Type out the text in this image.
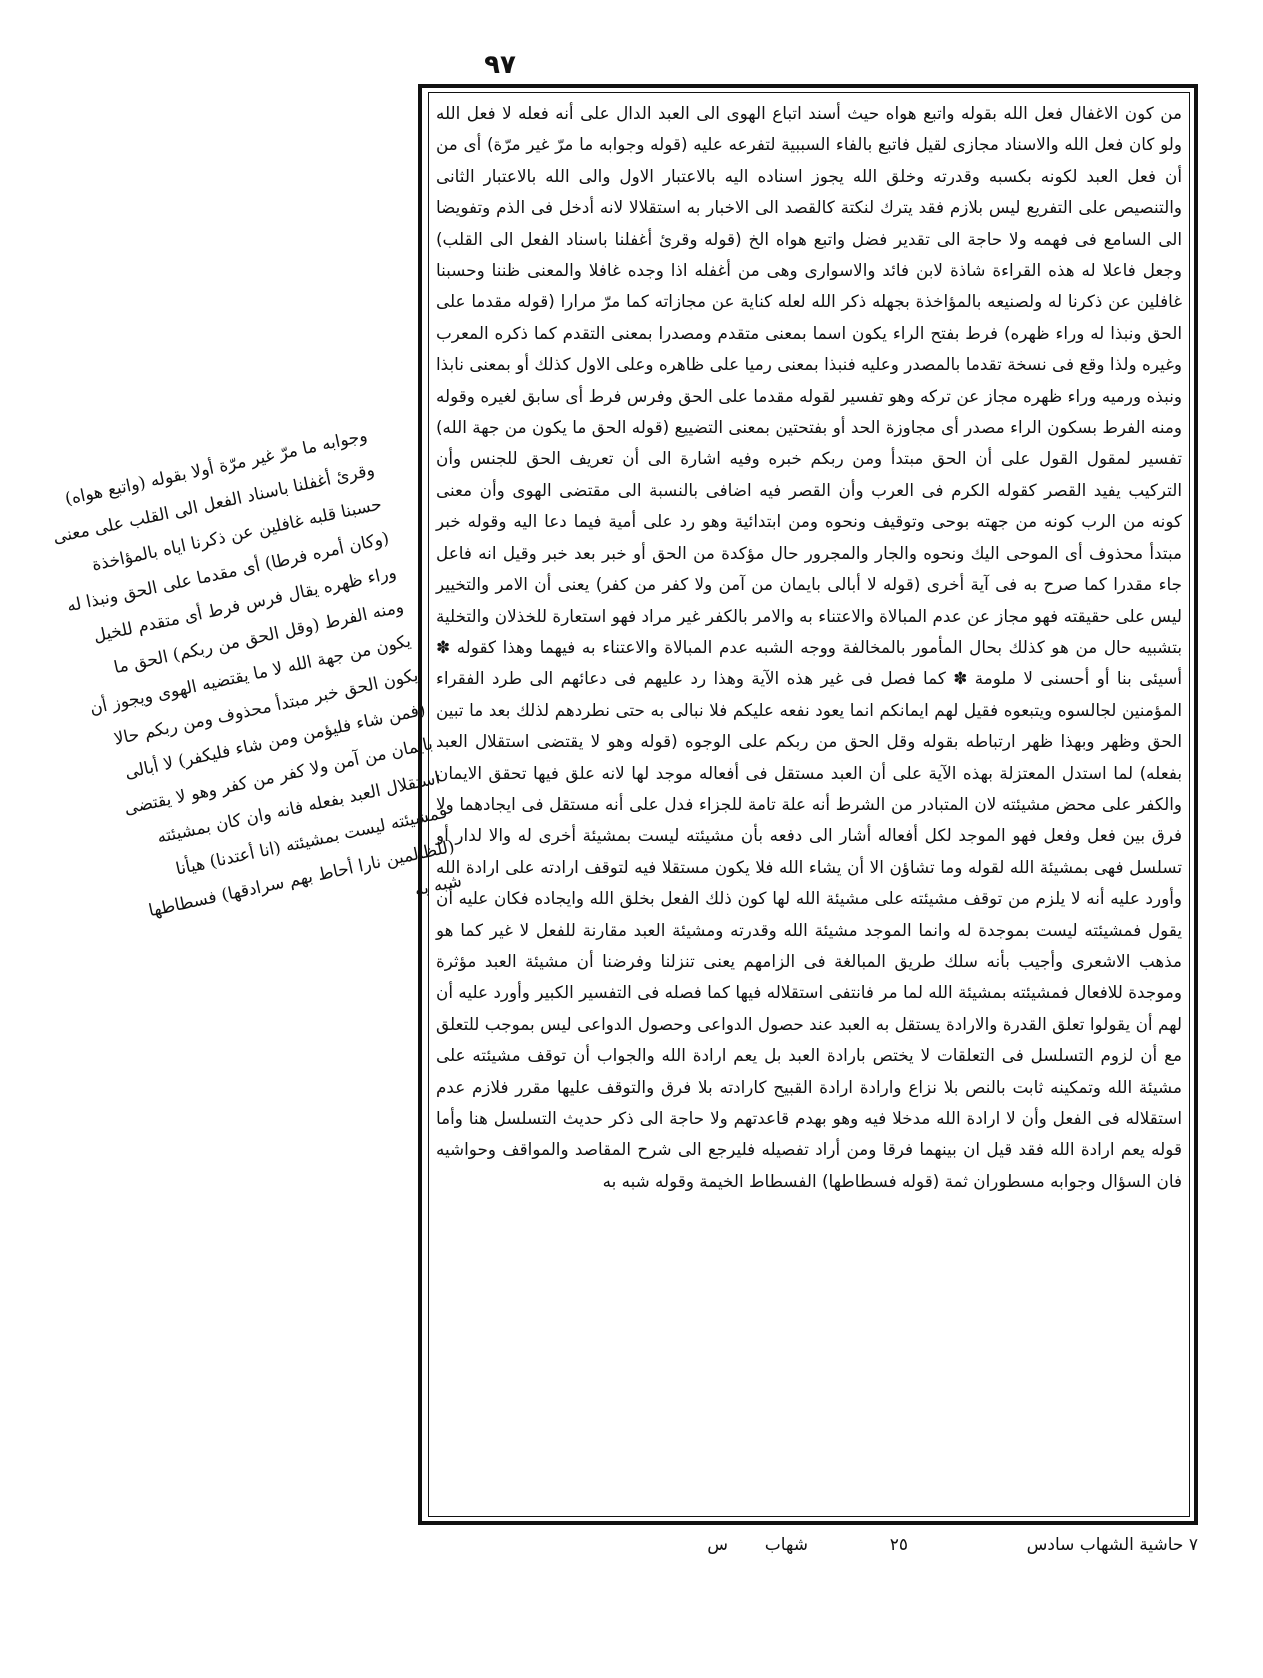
٩٧

من كون الاغفال فعل الله بقوله واتبع هواه حيث أسند اتباع الهوى الى العبد الدال على أنه فعله لا فعل الله ولو كان فعل الله والاسناد مجازى لقيل فاتبع بالفاء السببية لتفرعه عليه (قوله وجوابه ما مرّ غير مرّة) أى من أن فعل العبد لكونه بكسبه وقدرته وخلق الله يجوز اسناده اليه بالاعتبار الاول والى الله بالاعتبار الثانى والتنصيص على التفريع ليس بلازم فقد يترك لنكتة كالقصد الى الاخبار به استقلالا لانه أدخل فى الذم وتفويضا الى السامع فى فهمه ولا حاجة الى تقدير فضل واتبع هواه الخ (قوله وقرئ أغفلنا باسناد الفعل الى القلب) وجعل فاعلا له هذه القراءة شاذة لابن فائد والاسوارى وهى من أغفله اذا وجده غافلا والمعنى ظننا وحسبنا غافلين عن ذكرنا له ولصنيعه بالمؤاخذة بجهله ذكر الله لعله كناية عن مجازاته كما مرّ مرارا (قوله مقدما على الحق ونبذا له وراء ظهره) فرط بفتح الراء يكون اسما بمعنى متقدم ومصدرا بمعنى التقدم كما ذكره المعرب وغيره ولذا وقع فى نسخة تقدما بالمصدر وعليه فنبذا بمعنى رميا على ظاهره وعلى الاول كذلك أو بمعنى نابذا ونبذه ورميه وراء ظهره مجاز عن تركه وهو تفسير لقوله مقدما على الحق وفرس فرط أى سابق لغيره وقوله ومنه الفرط بسكون الراء مصدر أى مجاوزة الحد أو بفتحتين بمعنى التضييع (قوله الحق ما يكون من جهة الله) تفسير لمقول القول على أن الحق مبتدأ ومن ربكم خبره وفيه اشارة الى أن تعريف الحق للجنس وأن التركيب يفيد القصر كقوله الكرم فى العرب وأن القصر فيه اضافى بالنسبة الى مقتضى الهوى وأن معنى كونه من الرب كونه من جهته بوحى وتوقيف ونحوه ومن ابتدائية وهو رد على أمية فيما دعا اليه وقوله خبر مبتدأ محذوف أى الموحى اليك ونحوه والجار والمجرور حال مؤكدة من الحق أو خبر بعد خبر وقيل انه فاعل جاء مقدرا كما صرح به فى آية أخرى (قوله لا أبالى بايمان من آمن ولا كفر من كفر) يعنى أن الامر والتخيير ليس على حقيقته فهو مجاز عن عدم المبالاة والاعتناء به والامر بالكفر غير مراد فهو استعارة للخذلان والتخلية بتشبيه حال من هو كذلك بحال المأمور بالمخالفة ووجه الشبه عدم المبالاة والاعتناء به فيهما وهذا كقوله ✽ أسيئى بنا أو أحسنى لا ملومة ✽ كما فصل فى غير هذه الآية وهذا رد عليهم فى دعائهم الى طرد الفقراء المؤمنين لجالسوه ويتبعوه فقيل لهم ايمانكم انما يعود نفعه عليكم فلا نبالى به حتى نطردهم لذلك بعد ما تبين الحق وظهر وبهذا ظهر ارتباطه بقوله وقل الحق من ربكم على الوجوه (قوله وهو لا يقتضى استقلال العبد بفعله) لما استدل المعتزلة بهذه الآية على أن العبد مستقل فى أفعاله موجد لها لانه علق فيها تحقق الايمان والكفر على محض مشيئته لان المتبادر من الشرط أنه علة تامة للجزاء فدل على أنه مستقل فى ايجادهما ولا فرق بين فعل وفعل فهو الموجد لكل أفعاله أشار الى دفعه بأن مشيئته ليست بمشيئة أخرى له والا لدار أو تسلسل فهى بمشيئة الله لقوله وما تشاؤن الا أن يشاء الله فلا يكون مستقلا فيه لتوقف ارادته على ارادة الله وأورد عليه أنه لا يلزم من توقف مشيئته على مشيئة الله لها كون ذلك الفعل بخلق الله وايجاده فكان عليه أن يقول فمشيئته ليست بموجدة له وانما الموجد مشيئة الله وقدرته ومشيئة العبد مقارنة للفعل لا غير كما هو مذهب الاشعرى وأجيب بأنه سلك طريق المبالغة فى الزامهم يعنى تنزلنا وفرضنا أن مشيئة العبد مؤثرة وموجدة للافعال فمشيئته بمشيئة الله لما مر فانتفى استقلاله فيها كما فصله فى التفسير الكبير وأورد عليه أن لهم أن يقولوا تعلق القدرة والارادة يستقل به العبد عند حصول الدواعى وحصول الدواعى ليس بموجب للتعلق مع أن لزوم التسلسل فى التعلقات لا يختص بارادة العبد بل يعم ارادة الله والجواب أن توقف مشيئته على مشيئة الله وتمكينه ثابت بالنص بلا نزاع وارادة ارادة القبيح كارادته بلا فرق والتوقف عليها مقرر فلازم عدم استقلاله فى الفعل وأن لا ارادة الله مدخلا فيه وهو بهدم قاعدتهم ولا حاجة الى ذكر حديث التسلسل هنا وأما قوله يعم ارادة الله فقد قيل ان بينهما فرقا ومن أراد تفصيله فليرجع الى شرح المقاصد والمواقف وحواشيه فان السؤال وجوابه مسطوران ثمة (قوله فسطاطها) الفسطاط الخيمة وقوله شبه به

وجوابه ما مرّ غير مرّة أولا بقوله (واتبع هواه) وقرئ أغفلنا باسناد الفعل الى القلب على معنى حسبنا قلبه غافلين عن ذكرنا اياه بالمؤاخذة (وكان أمره فرطا) أى مقدما على الحق ونبذا له وراء ظهره يقال فرس فرط أى متقدم للخيل ومنه الفرط (وقل الحق من ربكم) الحق ما يكون من جهة الله لا ما يقتضيه الهوى ويجوز أن يكون الحق خبر مبتدأ محذوف ومن ربكم حالا (فمن شاء فليؤمن ومن شاء فليكفر) لا أبالى بايمان من آمن ولا كفر من كفر وهو لا يقتضى استقلال العبد بفعله فانه وان كان بمشيئته فمشيئته ليست بمشيئته (انا أعتدنا) هيأنا (للظالمين نارا أحاط بهم سرادقها) فسطاطها شبه به
٧ حاشية الشهاب سادس
٢٥
شهاب
س
